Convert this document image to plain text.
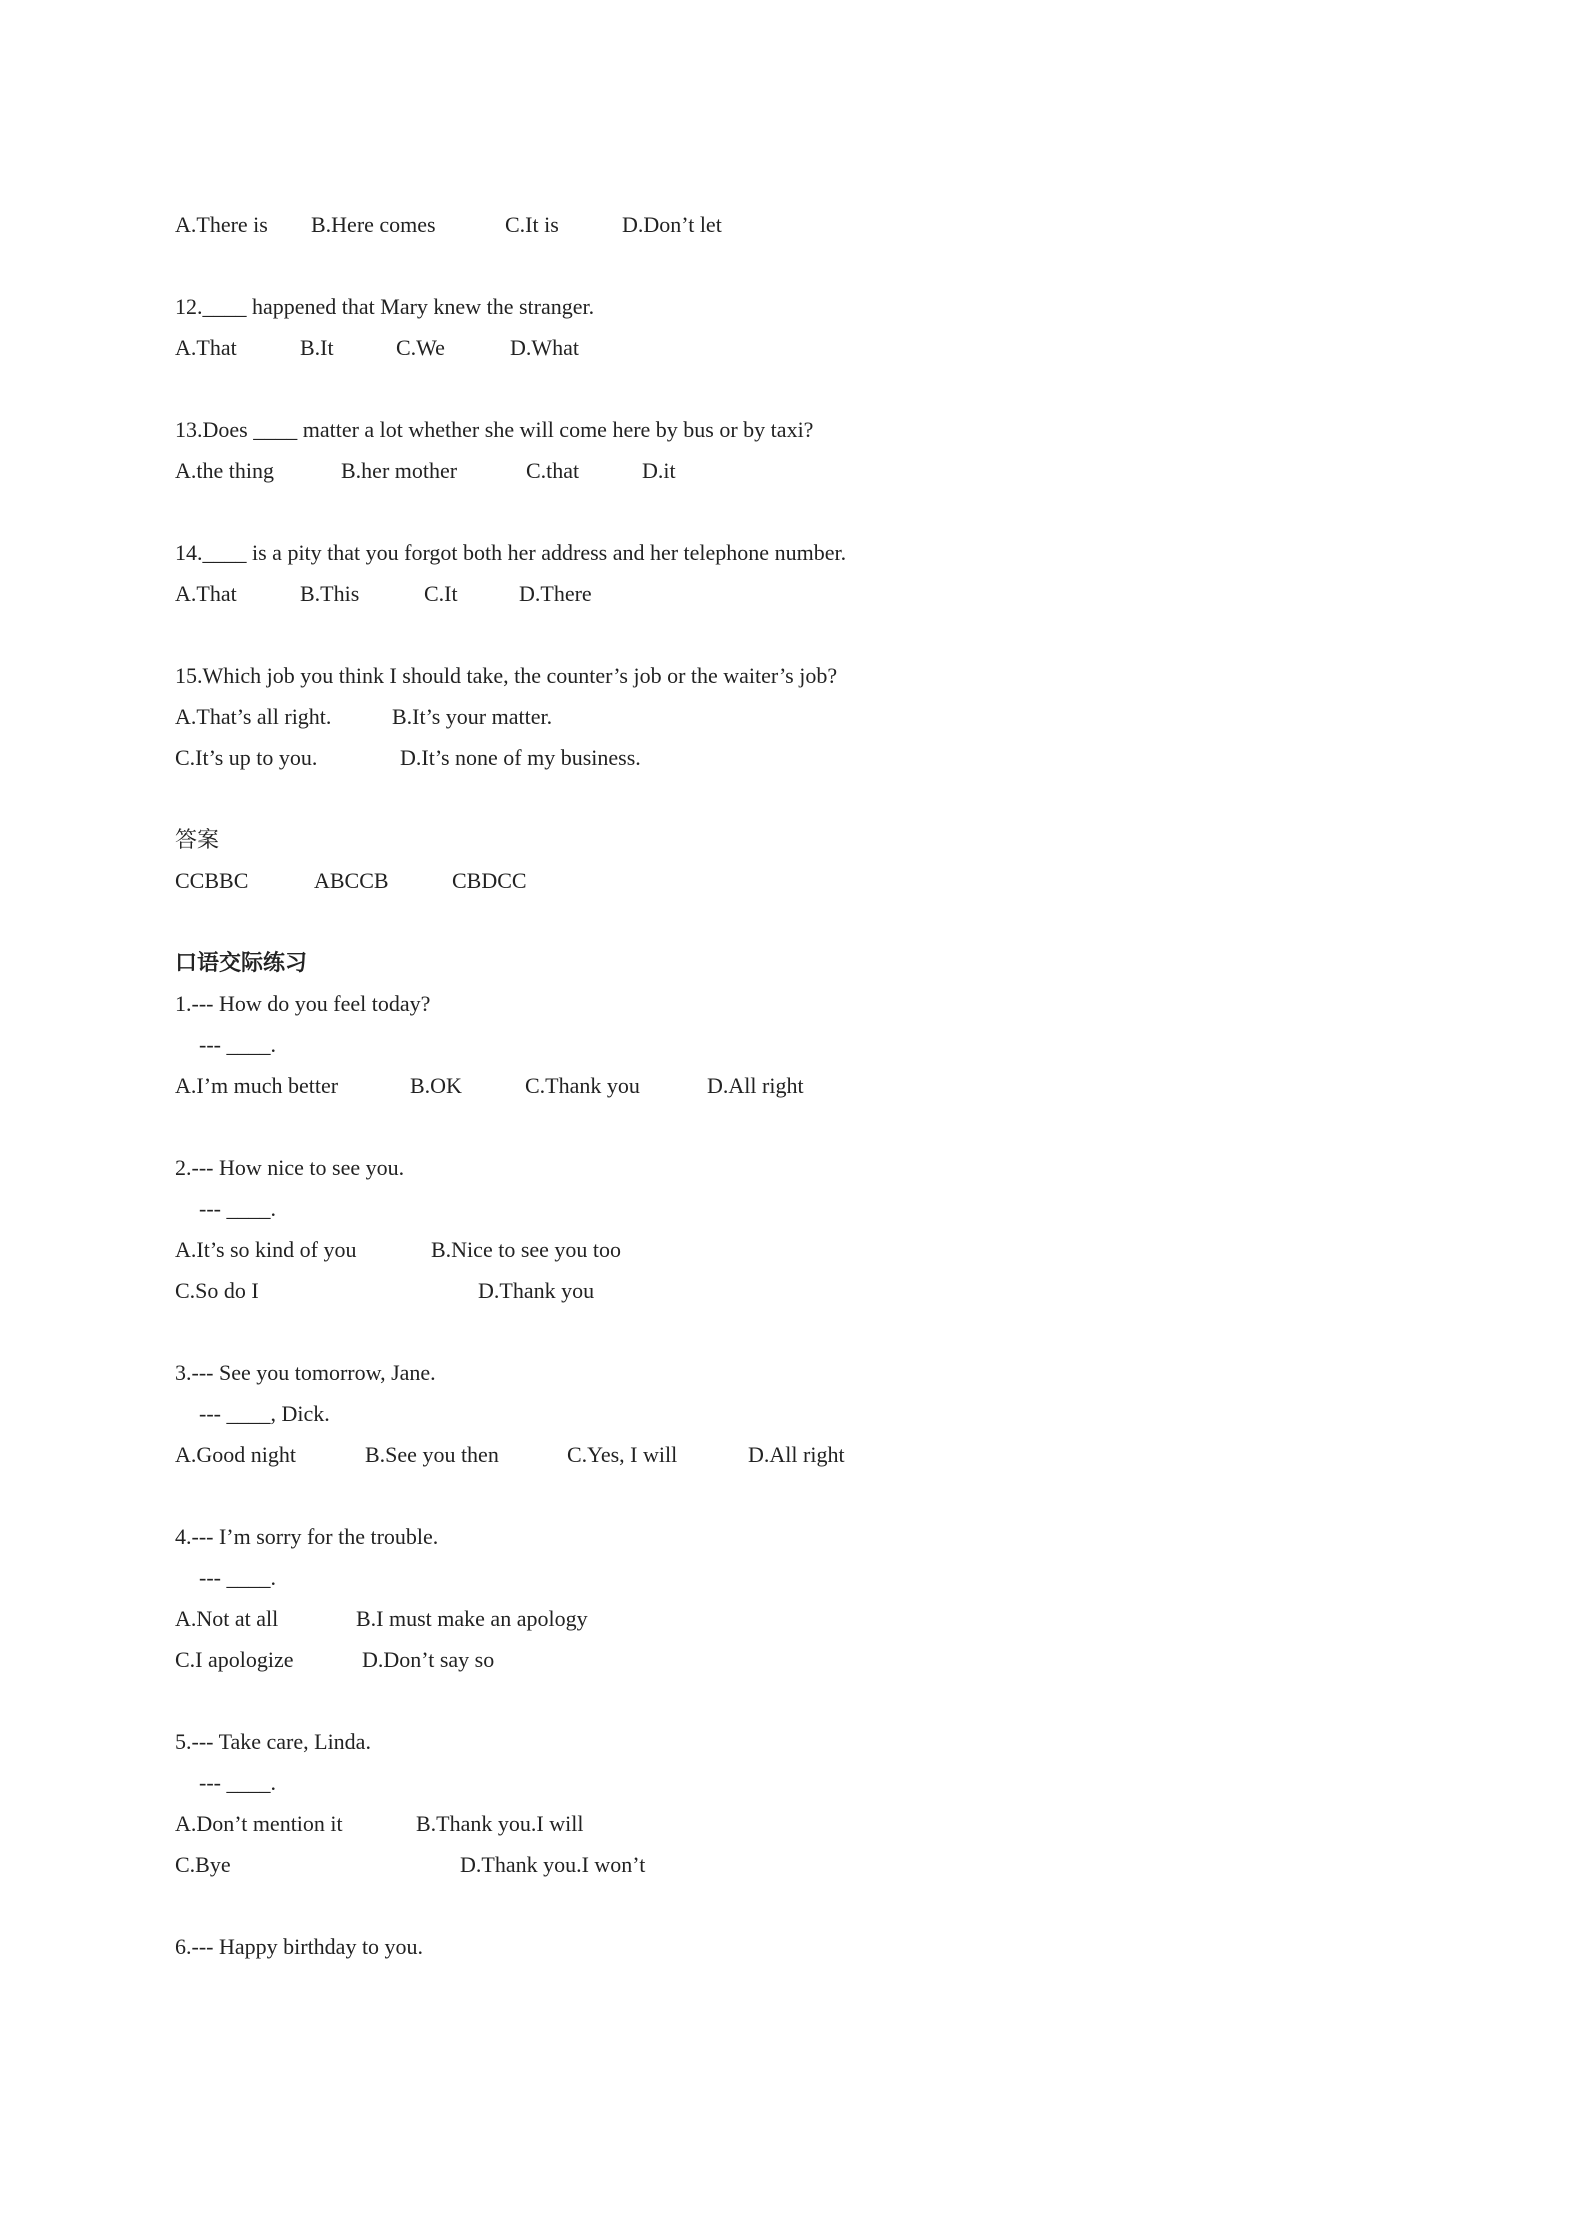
A.There is B.Here comes	C.It is	D.Don’t let
12.____ happened that Mary knew the stranger.
A.That	B.It	C.We	D.What
13.Does ____ matter a lot whether she will come here by bus or by taxi?
A.the thing	B.her mother	C.that	D.it
14.____ is a pity that you forgot both her address and her telephone number.
A.That	B.This	C.It	D.There
15.Which job you think I should take, the counter’s job or the waiter’s job?
A.That’s all right.	B.It’s your matter.
C.It’s up to you.	D.It’s none of my business.
答案
CCBBC	ABCCB	CBDCC
口语交际练习
1.--- How do you feel today?
--- ____.
A.I’m much better	B.OK	C.Thank you	D.All right
2.--- How nice to see you.
--- ____.
A.It’s so kind of you	B.Nice to see you too
C.So do I	D.Thank you
3.--- See you tomorrow, Jane.
--- ____, Dick.
A.Good night	B.See you then	C.Yes, I will	D.All right
4.--- I’m sorry for the trouble.
--- ____.
A.Not at all	B.I must make an apology
C.I apologize	D.Don’t say so
5.--- Take care, Linda.
--- ____.
A.Don’t mention it	B.Thank you.I will
C.Bye	D.Thank you.I won’t
6.--- Happy birthday to you.
